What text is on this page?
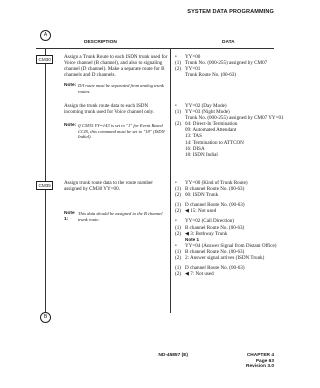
SYSTEM DATA PROGRAMMING
DESCRIPTION	DATA
A
B
CM30
CM35

Assign a Trunk Route to each ISDN trunk used for Voice channel (B channel), and also to signaling channel (D channel). Make a separate route for B channels and D channels.

Note: D/I route must be separated from analog trunk routes.

Assign the trunk route data to each ISDN incoming trunk used for Voice channel only.

Note: If CM35 YY=143 is set to "1" for Event Based CCIS, this command must be set to "18" (ISDN Indial).

Assign trunk route data to the route number assigned by CM30 YY=00.

Note 1:This data should be assigned to the B channel trunk route.
• YY=00
(1) Trunk No. (000-255) assigned by CM07
(2) YY=01
Trunk Route No. (00-63)
• YY=02 (Day Mode)
(1) YY=03 (Night Mode)
Trunk No. (000-255) assigned by CM07 YY=01
(2) 04: Direct-In Termination
09: Automated Attendant
13: TAS
14: Termination to ATTCON
16: DISA
18: ISDN Indial
• YY=00 (Kind of Trunk Route)
(1) B channel Route No. (00-63)
(2) 00: ISDN Trunk
(1) D channel Route No. (00-63)
(2) ◀ 15: Not used
• YY=02 (Call Direction)
(1) B channel Route No. (00-63)
(2) ◀ 3: Bothway Trunk
Note 1
• YY=04 (Answer Signal from Distant Office)
(1) B channel Route No. (00-63)
(2) 2: Answer signal arrives (ISDN Trunk)
(1) D channel Route No. (00-63)
(2) ◀ 7: Not used
ND-45857 (E)	CHAPTER 4
Page 63
Revision 3.0
